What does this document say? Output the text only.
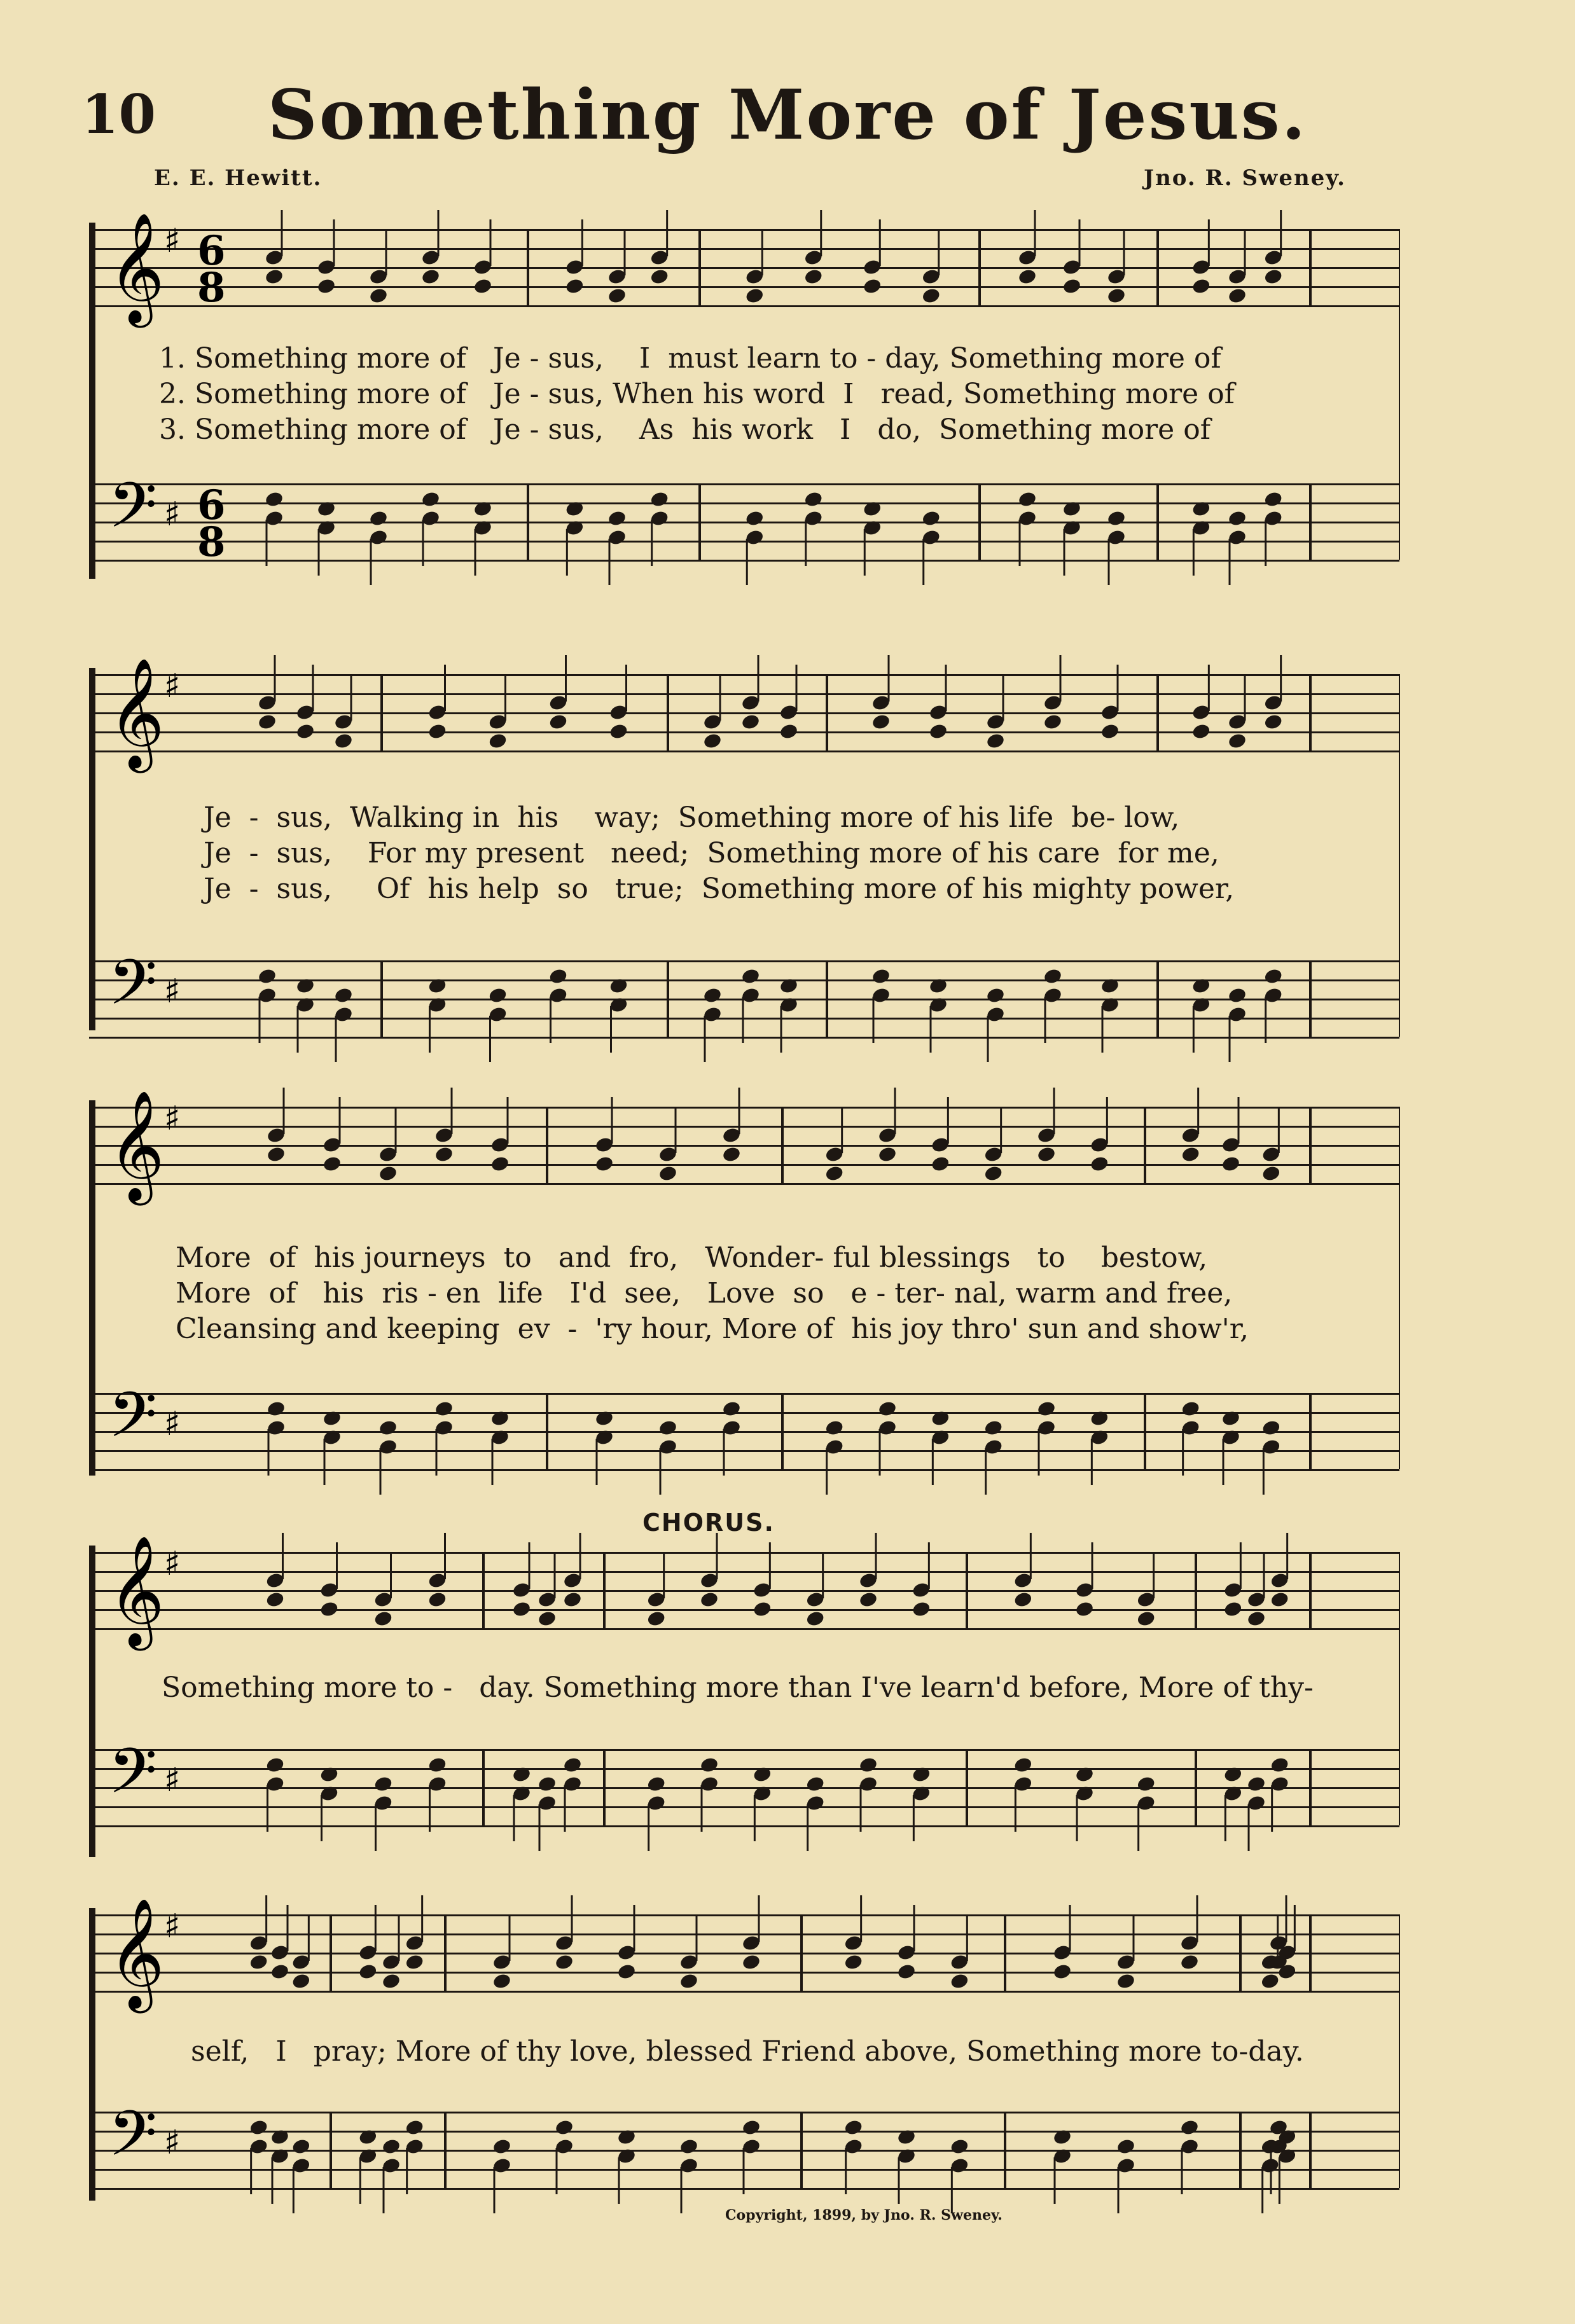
10	Something More of Jesus.
E. E. Hewitt.	Jno. R. Sweney.
CHORUS.
Copyright, 1899, by Jno. R. Sweney.
1. Something more of   Je - sus,    I  must learn to - day, Something more of
2. Something more of   Je - sus, When his word  I   read, Something more of
3. Something more of   Je - sus,    As  his work   I   do,  Something more of
Je  -  sus,  Walking in  his    way;  Something more of his life  be- low,
Je  -  sus,    For my present   need;  Something more of his care  for me,
Je  -  sus,     Of  his help  so   true;  Something more of his mighty power,
More  of  his journeys  to   and  fro,   Wonder- ful blessings   to    bestow,
More  of   his  ris - en  life   I'd  see,   Love  so   e - ter- nal, warm and free,
Cleansing and keeping  ev  -  'ry hour, More of  his joy thro' sun and show'r,
Something more to -   day. Something more than I've learn'd before, More of thy-
self,   I   pray; More of thy love, blessed Friend above, Something more to-day.
𝄞
𝄢
♯
♯
6
6
8
8
𝄞
𝄢
♯
♯
𝄞
𝄢
♯
♯
𝄞
𝄢
♯
♯
𝄞
𝄢
♯
♯
